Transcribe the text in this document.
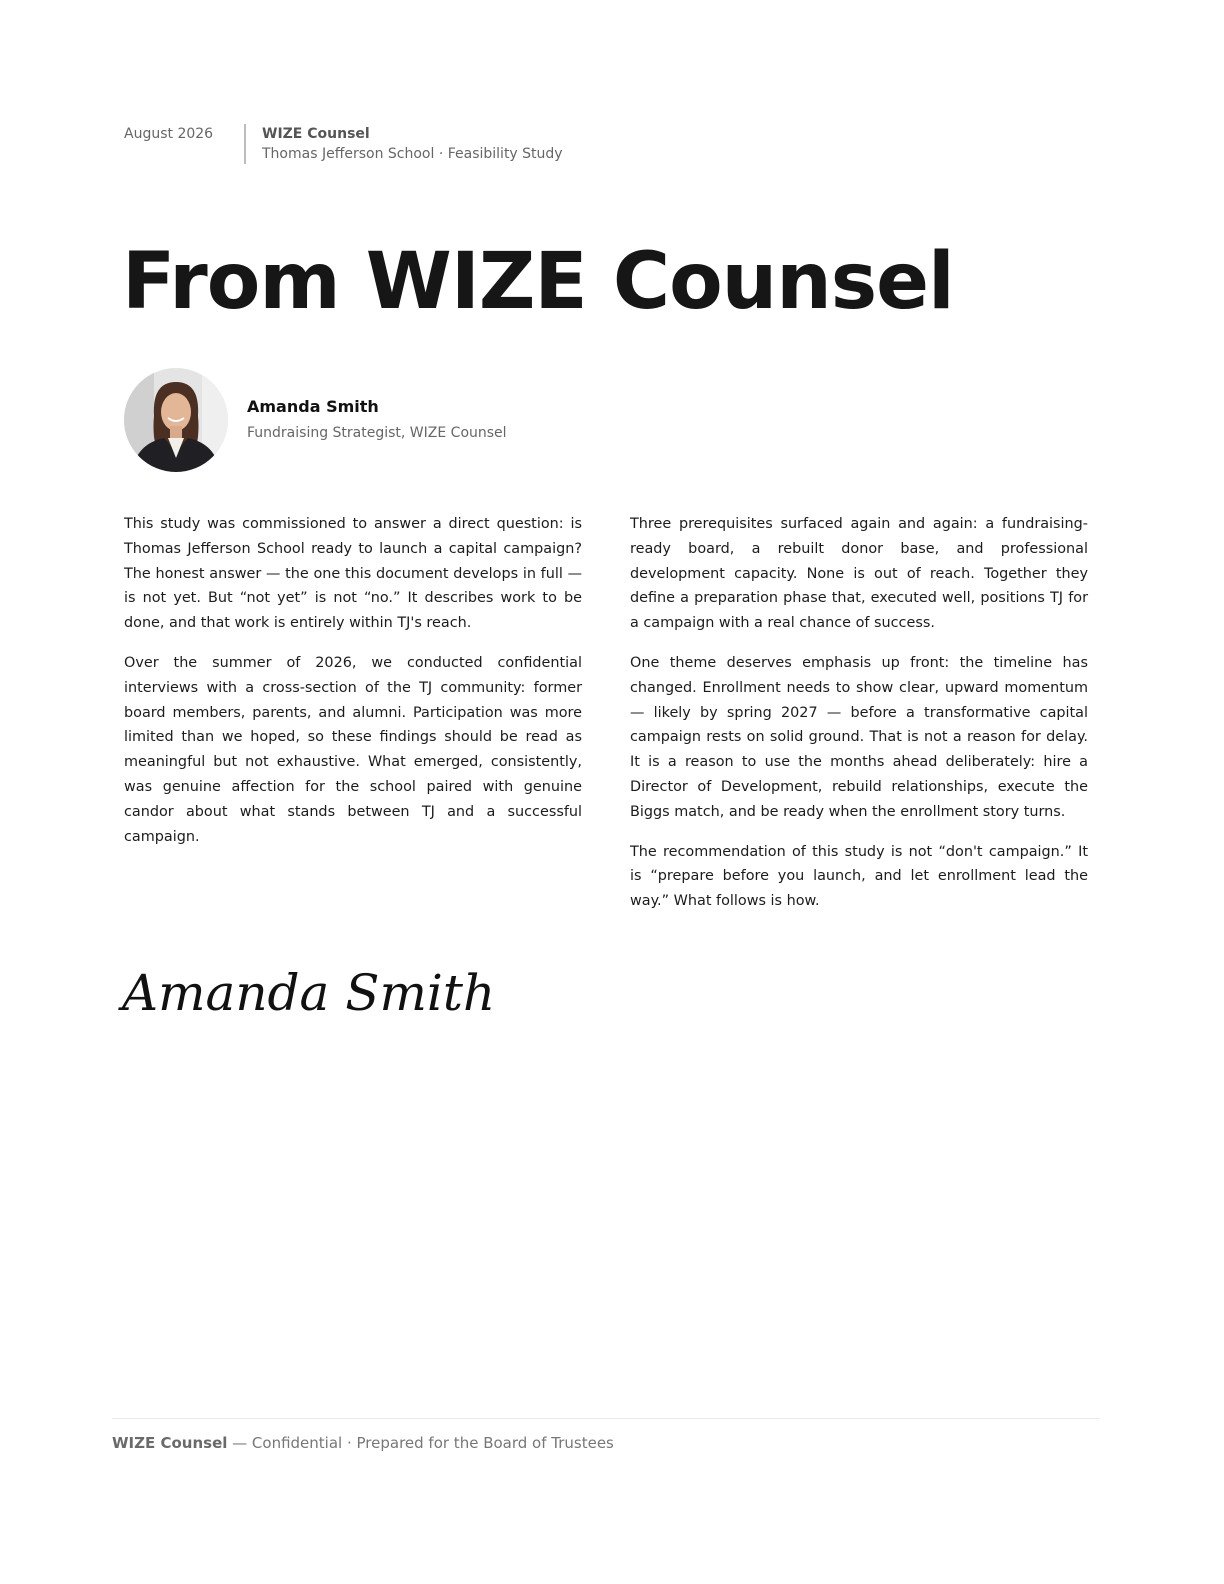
August 2026	WIZE Counsel
Thomas Jefferson School · Feasibility Study
From WIZE Counsel
Amanda Smith
Fundraising Strategist, WIZE Counsel

This study was commissioned to answer a direct question: is Thomas Jefferson School ready to launch a capital campaign? The honest answer — the one this document develops in full — is not yet. But “not yet” is not “no.” It describes work to be done, and that work is entirely within TJ's reach.

Over the summer of 2026, we conducted confidential interviews with a cross-section of the TJ community: former board members, parents, and alumni. Participation was more limited than we hoped, so these findings should be read as meaningful but not exhaustive. What emerged, consistently, was genuine affection for the school paired with genuine candor about what stands between TJ and a successful campaign.

Three prerequisites surfaced again and again: a fundraising-ready board, a rebuilt donor base, and professional development capacity. None is out of reach. Together they define a preparation phase that, executed well, positions TJ for a campaign with a real chance of success.

One theme deserves emphasis up front: the timeline has changed. Enrollment needs to show clear, upward momentum — likely by spring 2027 — before a transformative capital campaign rests on solid ground. That is not a reason for delay. It is a reason to use the months ahead deliberately: hire a Director of Development, rebuild relationships, execute the Biggs match, and be ready when the enrollment story turns.

The recommendation of this study is not “don't campaign.” It is “prepare before you launch, and let enrollment lead the way.” What follows is how.

Amanda Smith
WIZE Counsel — Confidential · Prepared for the Board of Trustees
